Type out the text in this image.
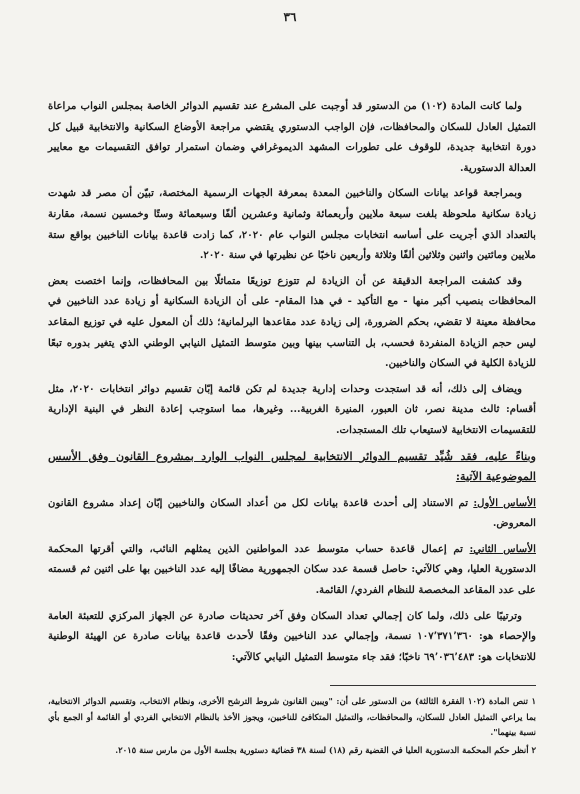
٣٦

ولما كانت المادة (١٠٢) من الدستور قد أوجبت على المشرع عند تقسيم الدوائر الخاصة بمجلس النواب مراعاة التمثيل العادل للسكان والمحافظات، فإن الواجب الدستوري يقتضي مراجعة الأوضاع السكانية والانتخابية قبيل كل دورة انتخابية جديدة، للوقوف على تطورات المشهد الديموغرافي وضمان استمرار توافق التقسيمات مع معايير العدالة الدستورية.

وبمراجعة قواعد بيانات السكان والناخبين المعدة بمعرفة الجهات الرسمية المختصة، تبيّن أن مصر قد شهدت زيادة سكانية ملحوظة بلغت سبعة ملايين وأربعمائة وثمانية وعشرين ألفًا وسبعمائة وستًا وخمسين نسمة، مقارنة بالتعداد الذي أجريت على أساسه انتخابات مجلس النواب عام ٢٠٢٠، كما زادت قاعدة بيانات الناخبين بواقع ستة ملايين ومائتين واثنين وثلاثين ألفًا وثلاثة وأربعين ناخبًا عن نظيرتها في سنة ٢٠٢٠.

وقد كشفت المراجعة الدقيقة عن أن الزيادة لم تتوزع توزيعًا متماثلًا بين المحافظات، وإنما اختصت بعض المحافظات بنصيب أكبر منها - مع التأكيد - في هذا المقام- على أن الزيادة السكانية أو زيادة عدد الناخبين في محافظة معينة لا تقضي، بحكم الضرورة، إلى زيادة عدد مقاعدها البرلمانية؛ ذلك أن المعول عليه في توزيع المقاعد ليس حجم الزيادة المنفردة فحسب، بل التناسب بينها وبين متوسط التمثيل النيابي الوطني الذي يتغير بدوره تبعًا للزيادة الكلية في السكان والناخبين.

ويضاف إلى ذلك، أنه قد استجدت وحدات إدارية جديدة لم تكن قائمة إبّان تقسيم دوائر انتخابات ٢٠٢٠، مثل أقسام: ثالث مدينة نصر، ثان العبور، المنيرة الغربية... وغيرها، مما استوجب إعادة النظر في البنية الإدارية للتقسيمات الانتخابية لاستيعاب تلك المستجدات.

وبناءً عليه، فقد شُيِّد تقسيم الدوائر الانتخابية لمجلس النواب الوارد بمشروع القانون وفق الأسس الموضوعية الآتية:

الأساس الأول: تم الاستناد إلى أحدث قاعدة بيانات لكل من أعداد السكان والناخبين إبّان إعداد مشروع القانون المعروض.

الأساس الثاني: تم إعمال قاعدة حساب متوسط عدد المواطنين الذين يمثلهم النائب، والتي أقرتها المحكمة الدستورية العليا، وهي كالآتي: حاصل قسمة عدد سكان الجمهورية مضافًا إليه عدد الناخبين بها على اثنين ثم قسمته على عدد المقاعد المخصصة للنظام الفردي/ القائمة.

وترتيبًا على ذلك، ولما كان إجمالي تعداد السكان وفق آخر تحديثات صادرة عن الجهاز المركزي للتعبئة العامة والإحصاء هو: ١٠٧٬٣٧١٬٣٦٠ نسمة، وإجمالي عدد الناخبين وفقًا لأحدث قاعدة بيانات صادرة عن الهيئة الوطنية للانتخابات هو: ٦٩٬٠٣٦٬٤٨٣ ناخبًا؛ فقد جاء متوسط التمثيل النيابي كالآتي:

١ تنص المادة (١٠٢ الفقرة الثالثة) من الدستور على أن: "ويبين القانون شروط الترشح الأخرى، ونظام الانتخاب، وتقسيم الدوائر الانتخابية، بما يراعي التمثيل العادل للسكان، والمحافظات، والتمثيل المتكافئ للناخبين، ويجوز الأخذ بالنظام الانتخابي الفردي أو القائمة أو الجمع بأي نسبة بينهما".

٢ أنظر حكم المحكمة الدستورية العليا في القضية رقم (١٨) لسنة ٣٨ قضائية دستورية بجلسة الأول من مارس سنة ٢٠١٥.
